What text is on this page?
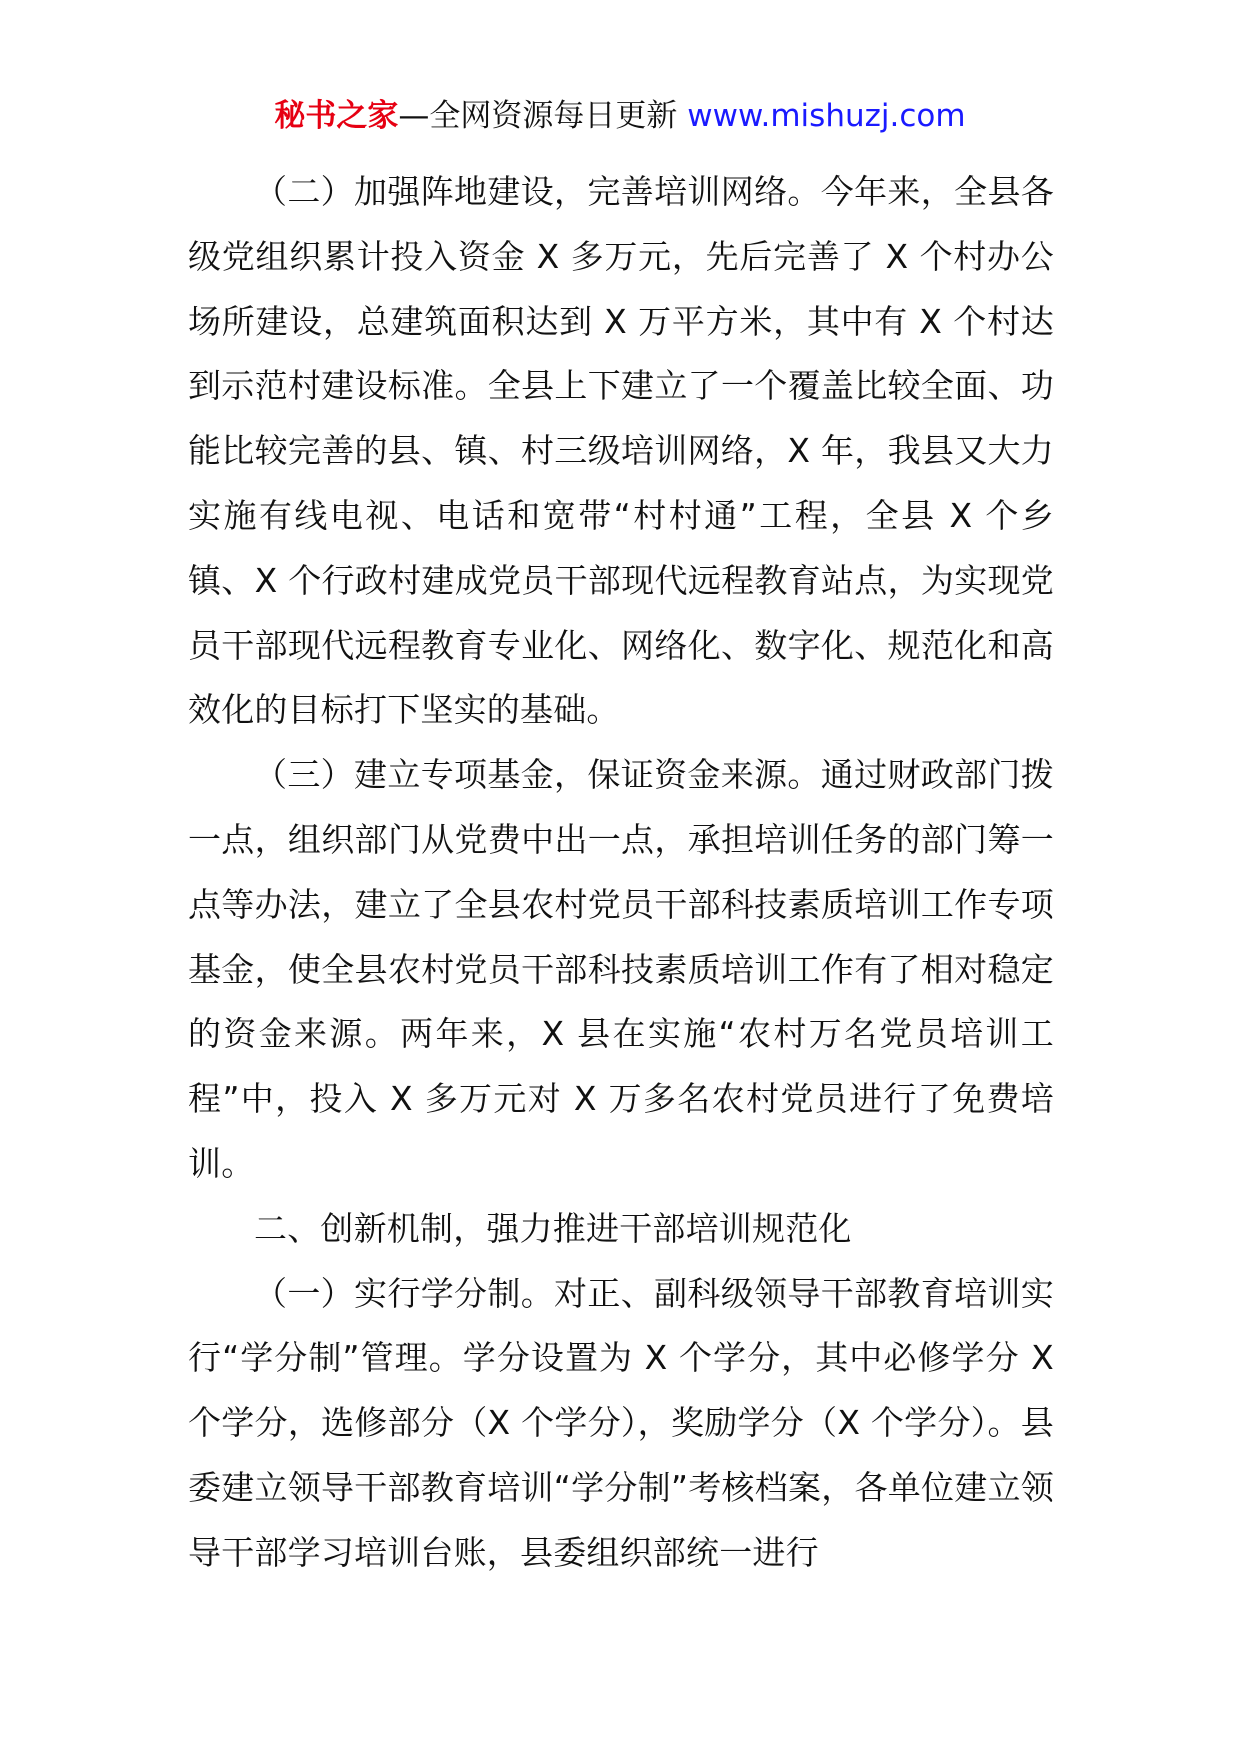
秘书之家—全网资源每日更新 www.mishuzj.com

（二）加强阵地建设，完善培训网络。今年来，全县各级党组织累计投入资金 X 多万元，先后完善了 X 个村办公场所建设，总建筑面积达到 X 万平方米，其中有 X 个村达到示范村建设标准。全县上下建立了一个覆盖比较全面、功能比较完善的县、镇、村三级培训网络，X 年，我县又大力实施有线电视、电话和宽带“村村通”工程，全县 X 个乡镇、X 个行政村建成党员干部现代远程教育站点，为实现党员干部现代远程教育专业化、网络化、数字化、规范化和高效化的目标打下坚实的基础。

（三）建立专项基金，保证资金来源。通过财政部门拨一点，组织部门从党费中出一点，承担培训任务的部门筹一点等办法，建立了全县农村党员干部科技素质培训工作专项基金，使全县农村党员干部科技素质培训工作有了相对稳定的资金来源。两年来，X 县在实施“农村万名党员培训工程”中，投入 X 多万元对 X 万多名农村党员进行了免费培训。

二、创新机制，强力推进干部培训规范化

（一）实行学分制。对正、副科级领导干部教育培训实行“学分制”管理。学分设置为 X 个学分，其中必修学分 X 个学分，选修部分（X 个学分），奖励学分（X 个学分）。县委建立领导干部教育培训“学分制”考核档案，各单位建立领导干部学习培训台账，县委组织部统一进行
